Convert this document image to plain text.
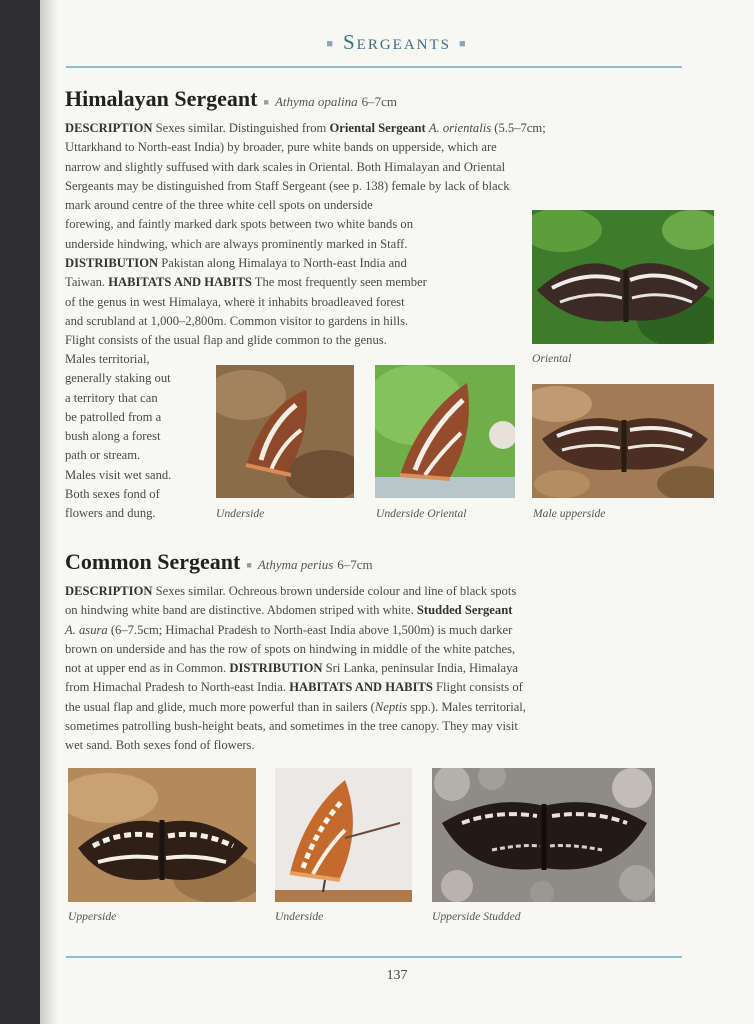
■ Sergeants ■
Himalayan Sergeant ■ Athyma opalina 6–7cm
DESCRIPTION Sexes similar. Distinguished from Oriental Sergeant A. orientalis (5.5–7cm;
Uttarkhand to North-east India) by broader, pure white bands on upperside, which are
narrow and slightly suffused with dark scales in Oriental. Both Himalayan and Oriental
Sergeants may be distinguished from Staff Sergeant (see p. 138) female by lack of black
mark around centre of the three white cell spots on underside
forewing, and faintly marked dark spots between two white bands on
underside hindwing, which are always prominently marked in Staff.
DISTRIBUTION Pakistan along Himalaya to North-east India and
Taiwan. HABITATS AND HABITS The most frequently seen member
of the genus in west Himalaya, where it inhabits broadleaved forest
and scrubland at 1,000–2,800m. Common visitor to gardens in hills.
Flight consists of the usual flap and glide common to the genus.
Males territorial,
generally staking out
a territory that can
be patrolled from a
bush along a forest
path or stream.
Males visit wet sand.
Both sexes fond of
flowers and dung.
Oriental
Underside	Underside Oriental	Male upperside
Common Sergeant ■ Athyma perius 6–7cm
DESCRIPTION Sexes similar. Ochreous brown underside colour and line of black spots
on hindwing white band are distinctive. Abdomen striped with white. Studded Sergeant
A. asura (6–7.5cm; Himachal Pradesh to North-east India above 1,500m) is much darker
brown on underside and has the row of spots on hindwing in middle of the white patches,
not at upper end as in Common. DISTRIBUTION Sri Lanka, peninsular India, Himalaya
from Himachal Pradesh to North-east India. HABITATS AND HABITS Flight consists of
the usual flap and glide, much more powerful than in sailers (Neptis spp.). Males territorial,
sometimes patrolling bush-height beats, and sometimes in the tree canopy. They may visit
wet sand. Both sexes fond of flowers.
Upperside	Underside	Upperside Studded
137
